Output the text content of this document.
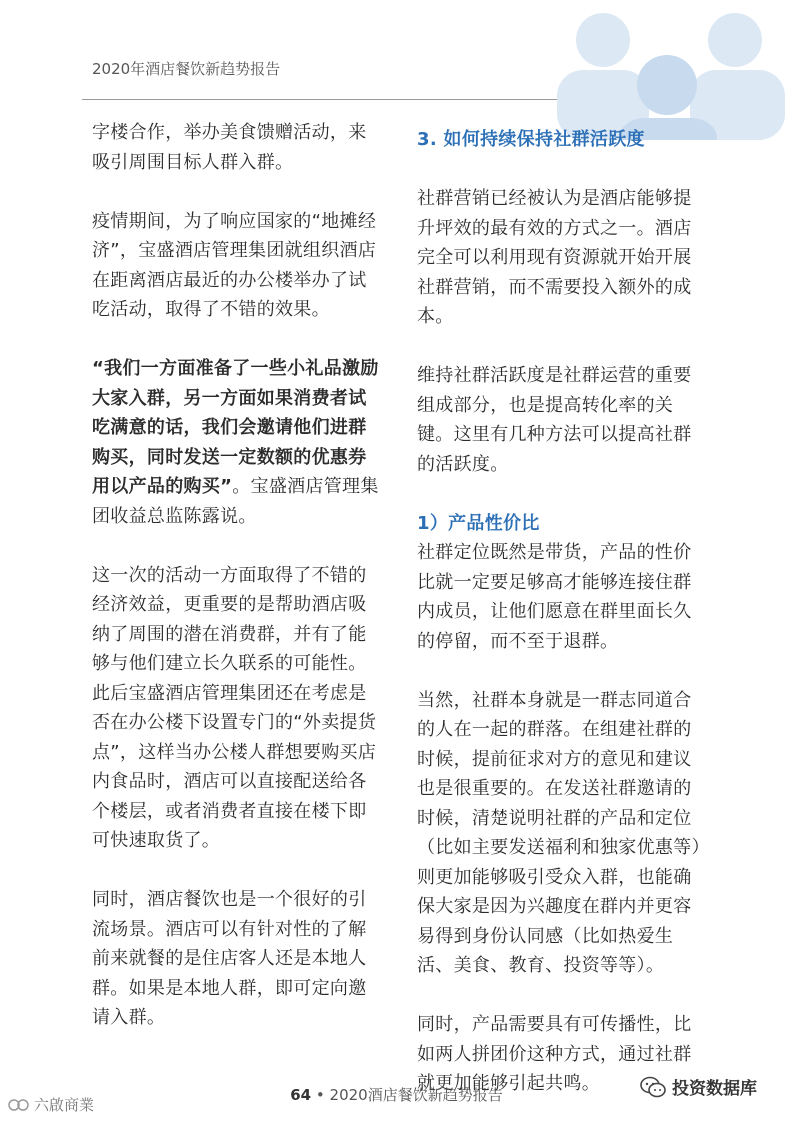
2020年酒店餐饮新趋势报告

字楼合作，举办美食馈赠活动，来吸引周围目标人群入群。

疫情期间，为了响应国家的“地摊经济”，宝盛酒店管理集团就组织酒店在距离酒店最近的办公楼举办了试吃活动，取得了不错的效果。

“我们一方面准备了一些小礼品激励大家入群，另一方面如果消费者试吃满意的话，我们会邀请他们进群购买，同时发送一定数额的优惠券用以产品的购买”。宝盛酒店管理集团收益总监陈露说。

这一次的活动一方面取得了不错的经济效益，更重要的是帮助酒店吸纳了周围的潜在消费群，并有了能够与他们建立长久联系的可能性。此后宝盛酒店管理集团还在考虑是否在办公楼下设置专门的“外卖提货点”，这样当办公楼人群想要购买店内食品时，酒店可以直接配送给各个楼层，或者消费者直接在楼下即可快速取货了。

同时，酒店餐饮也是一个很好的引流场景。酒店可以有针对性的了解前来就餐的是住店客人还是本地人群。如果是本地人群，即可定向邀请入群。

3. 如何持续保持社群活跃度

社群营销已经被认为是酒店能够提升坪效的最有效的方式之一。酒店完全可以利用现有资源就开始开展社群营销，而不需要投入额外的成本。

维持社群活跃度是社群运营的重要组成部分，也是提高转化率的关键。这里有几种方法可以提高社群的活跃度。

1）产品性价比

社群定位既然是带货，产品的性价比就一定要足够高才能够连接住群内成员，让他们愿意在群里面长久的停留，而不至于退群。

当然，社群本身就是一群志同道合的人在一起的群落。在组建社群的时候，提前征求对方的意见和建议也是很重要的。在发送社群邀请的时候，清楚说明社群的产品和定位（比如主要发送福利和独家优惠等）则更加能够吸引受众入群，也能确保大家是因为兴趣度在群内并更容易得到身份认同感（比如热爱生活、美食、教育、投资等等）。

同时，产品需要具有可传播性，比如两人拼团价这种方式，通过社群就更加能够引起共鸣。

64 • 2020酒店餐饮新趋势报告
六啟商業
投资数据库
